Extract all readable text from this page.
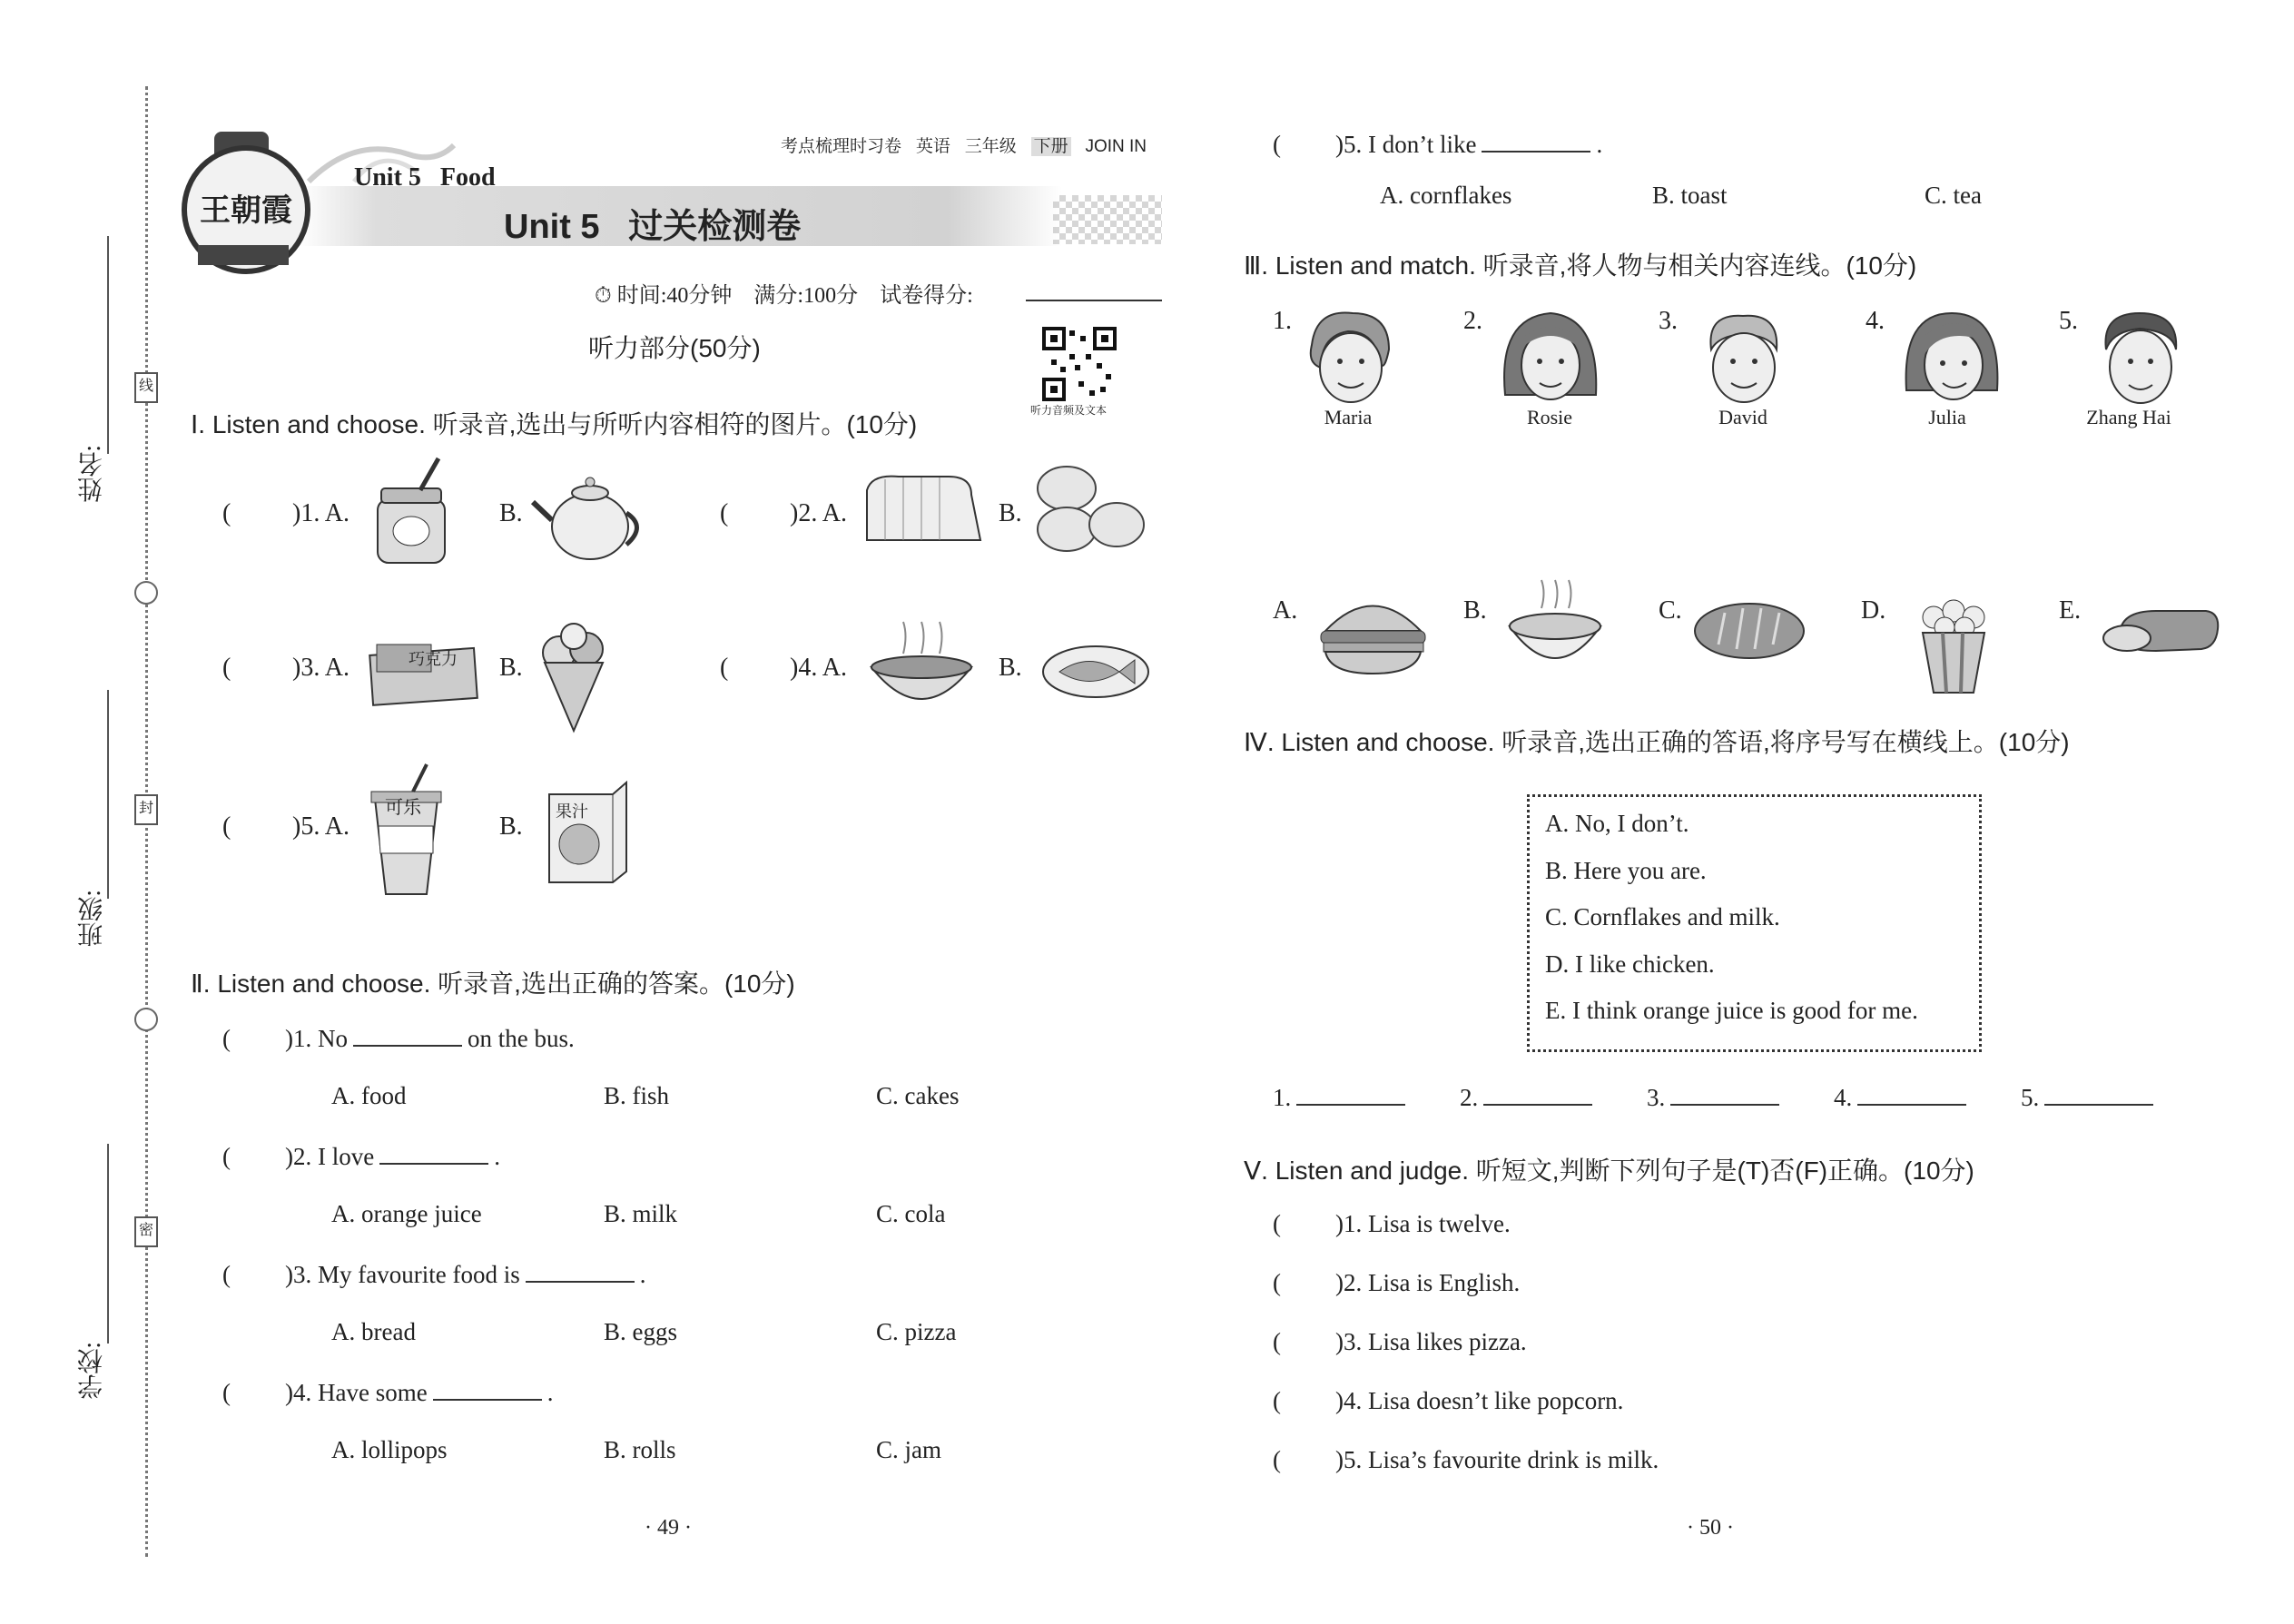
线
封
密
姓名:
班级:
学校:
王朝霞
考点梳理时习卷 英语 三年级 下册 JOIN IN
Unit 5   Food
Unit 5   过关检测卷
⏱ 时间:40分钟    满分:100分    试卷得分:
听力部分(50分)
听力音频及文本
Ⅰ. Listen and choose. 听录音,选出与所听内容相符的图片。(10分)
( )1. A.	B.	( )2. A.	B.
( )3. A.	巧克力 B.	( )4. A.	B.
( )5. A.
可乐
B.
果汁
Ⅱ. Listen and choose. 听录音,选出正确的答案。(10分)
( )1. No	on the bus.
A. food	B. fish	C. cakes
( )2. I love	.
A. orange juice	B. milk	C. cola
( )3. My favourite food is	.
A. bread	B. eggs	C. pizza
( )4. Have some	.
A. lollipops	B. rolls	C. jam
· 49 ·
( )5. I don’t like	.
A. cornflakes	B. toast	C. tea
Ⅲ. Listen and match. 听录音,将人物与相关内容连线。(10分)
1.
Maria
2.
Rosie
3.
David
4.
Julia
5.
Zhang Hai
A.	B.	C.	D.	E.
Ⅳ. Listen and choose. 听录音,选出正确的答语,将序号写在横线上。(10分)
A. No, I don’t.
B. Here you are.
C. Cornflakes and milk.
D. I like chicken.
E. I think orange juice is good for me.
1.	2.	3.	4.	5.
Ⅴ. Listen and judge. 听短文,判断下列句子是(T)否(F)正确。(10分)
( )1. Lisa is twelve.
( )2. Lisa is English.
( )3. Lisa likes pizza.
( )4. Lisa doesn’t like popcorn.
( )5. Lisa’s favourite drink is milk.
· 50 ·
